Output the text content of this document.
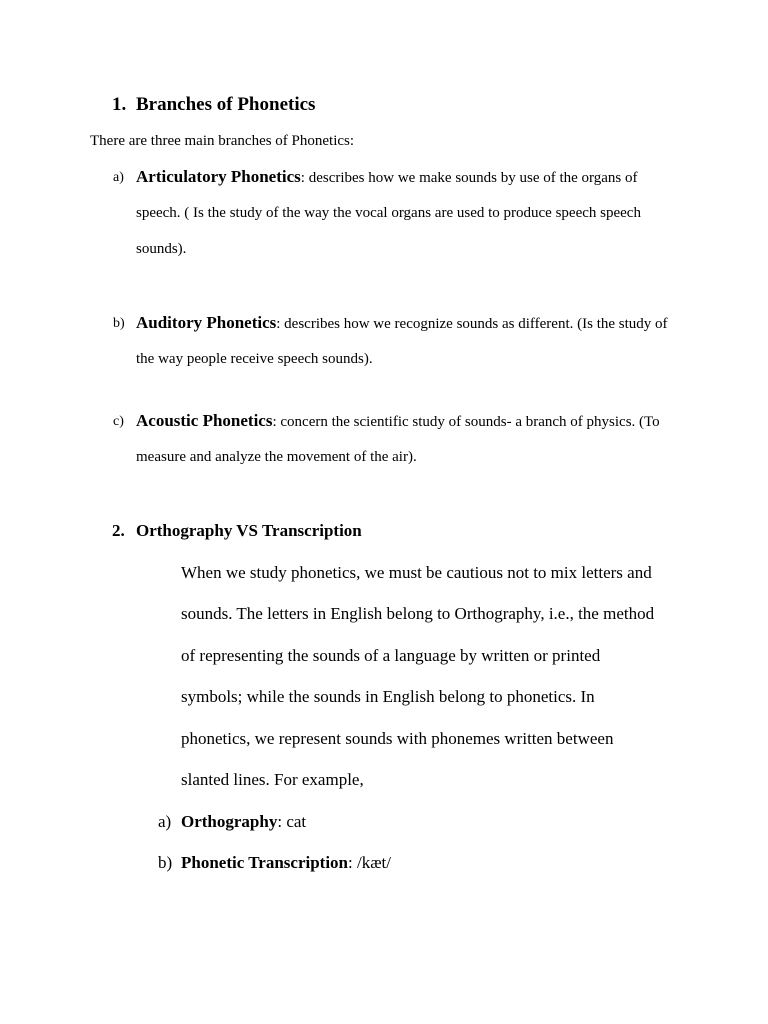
1. Branches of Phonetics
There are three main branches of Phonetics:
a) Articulatory Phonetics: describes how we make sounds by use of the organs of
speech. ( Is the study of the way the vocal organs are used to produce speech speech
sounds).
b) Auditory Phonetics: describes how we recognize sounds as different. (Is the study of
the way people receive speech sounds).
c) Acoustic Phonetics: concern the scientific study of sounds- a branch of physics. (To
measure and analyze the movement of the air).
2. Orthography VS Transcription
When we study phonetics, we must be cautious not to mix letters and
sounds. The letters in English belong to Orthography, i.e., the method
of representing the sounds of a language by written or printed
symbols; while the sounds in English belong to phonetics. In
phonetics, we represent sounds with phonemes written between
slanted lines. For example,
a) Orthography: cat
b) Phonetic Transcription: /kæt/
